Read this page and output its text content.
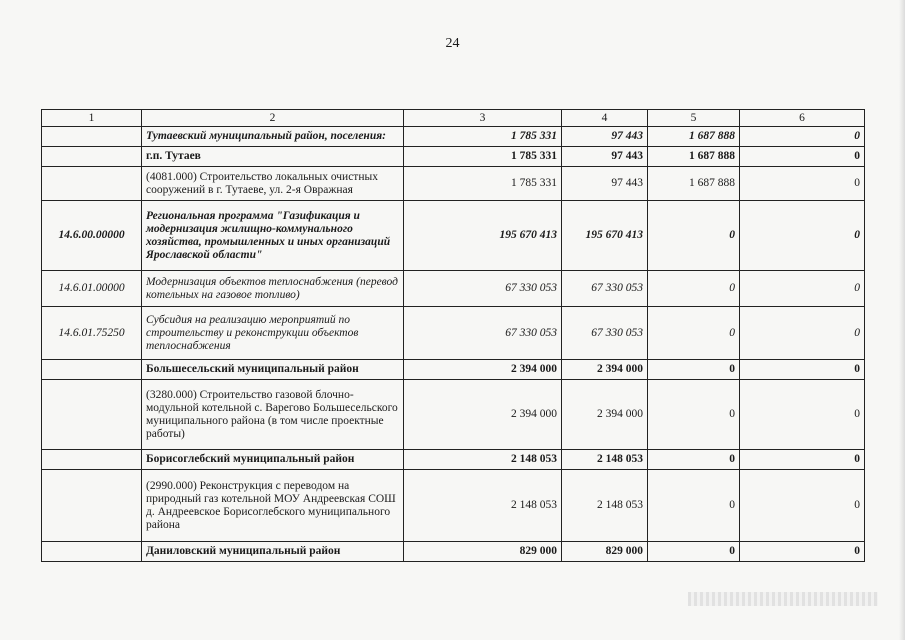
24
1	2	3	4	5	6
	Тутаевский муниципальный район, поселения:	1 785 331	97 443	1 687 888	0
	г.п. Тутаев	1 785 331	97 443	1 687 888	0
	(4081.000) Строительство локальных очистных сооружений в г. Тутаеве, ул. 2-я Овражная	1 785 331	97 443	1 687 888	0
14.6.00.00000	Региональная программа "Газификация и модернизация жилищно-коммунального хозяйства, промышленных и иных организаций Ярославской области"	195 670 413	195 670 413	0	0
14.6.01.00000	Модернизация объектов теплоснабжения (перевод котельных на газовое топливо)	67 330 053	67 330 053	0	0
14.6.01.75250	Субсидия на реализацию мероприятий по строительству и реконструкции объектов теплоснабжения	67 330 053	67 330 053	0	0
	Большесельский муниципальный район	2 394 000	2 394 000	0	0
	(3280.000) Строительство газовой блочно-модульной котельной с. Варегово Большесельского муниципального района (в том числе проектные работы)	2 394 000	2 394 000	0	0
	Борисоглебский муниципальный район	2 148 053	2 148 053	0	0
	(2990.000) Реконструкция с переводом на природный газ котельной МОУ Андреевская СОШ д. Андреевское Борисоглебского муниципального района	2 148 053	2 148 053	0	0
	Даниловский муниципальный район	829 000	829 000	0	0
